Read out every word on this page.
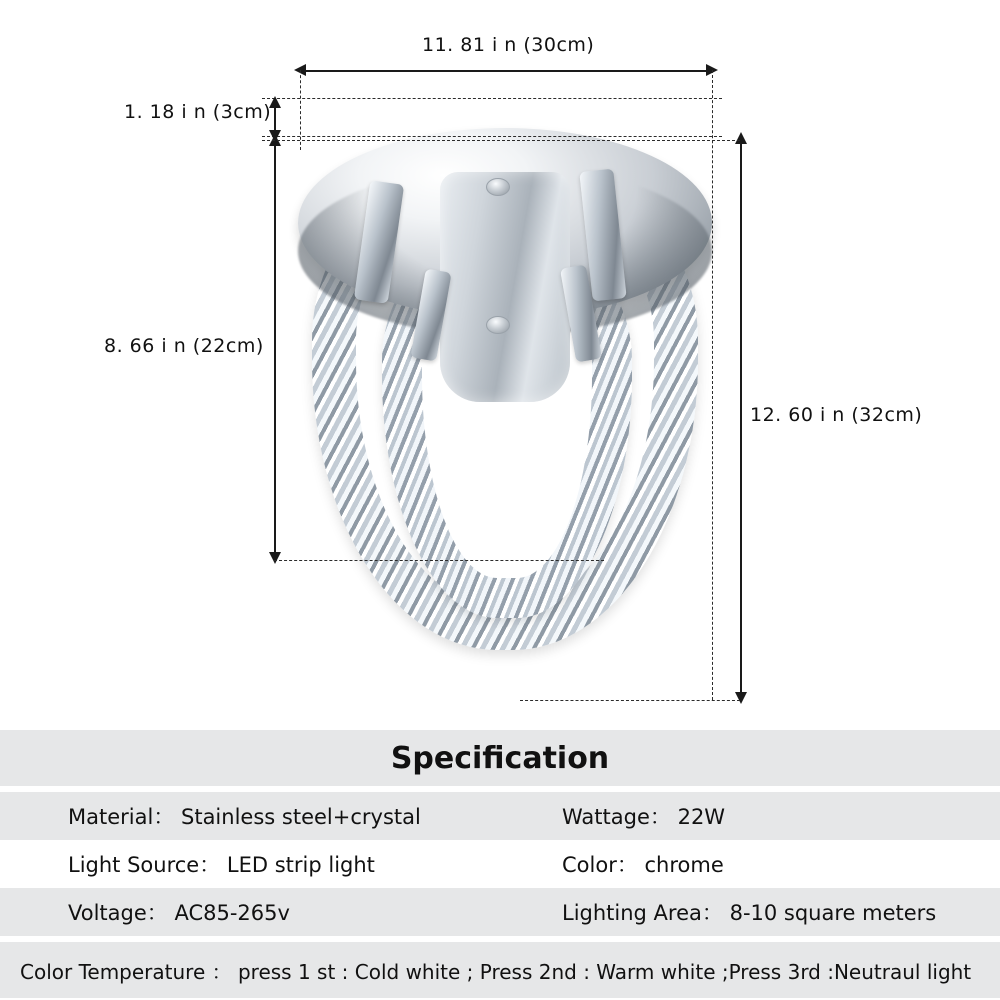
11. 81 i n (30cm)
1. 18 i n (3cm)
8. 66 i n (22cm)
12. 60 i n (32cm)
Specification
Material： Stainless steel+crystal	Wattage： 22W
Light Source： LED strip light	Color： chrome
Voltage： AC85-265v	Lighting Area： 8-10 square meters
Color Temperature ： press 1 st : Cold white ; Press 2nd : Warm white ;Press 3rd :Neutraul light
